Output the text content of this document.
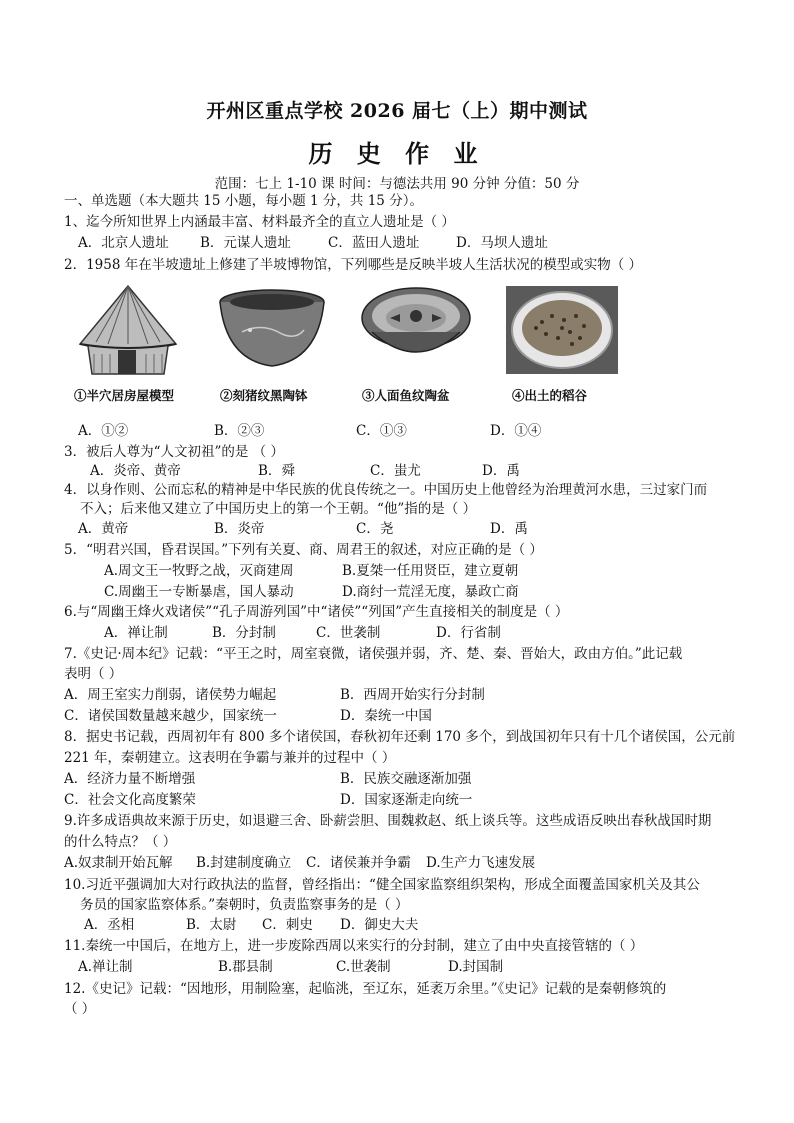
开州区重点学校 2026 届七（上）期中测试
历 史 作 业
范围：七上 1-10 课 时间：与德法共用 90 分钟 分值：50 分
一、单选题（本大题共 15 小题，每小题 1 分，共 15 分）。
1、迄今所知世界上内涵最丰富、材料最齐全的直立人遗址是（ ）
A．北京人遗址 B．元谋人遗址	C．蓝田人遗址	D．马坝人遗址
2．1958 年在半坡遗址上修建了半坡博物馆，下列哪些是反映半坡人生活状况的模型或实物（ ）
①半穴居房屋模型	②刻猪纹黑陶钵	③人面鱼纹陶盆	④出土的稻谷
A．①②	B．②③	C．①③	D．①④
3．被后人尊为“人文初祖”的是 （ ）
A．炎帝、黄帝	B．舜	C．蚩尤	D．禹
4．以身作则、公而忘私的精神是中华民族的优良传统之一。中国历史上他曾经为治理黄河水患，三过家门而
不入；后来他又建立了中国历史上的第一个王朝。“他”指的是（ ）
A．黄帝	B．炎帝	C．尧	D．禹
5．“明君兴国，昏君误国。”下列有关夏、商、周君王的叙述，对应正确的是（ ）
A.周文王一牧野之战，灭商建周	B.夏桀一任用贤臣，建立夏朝
C.周幽王一专断暴虐，国人暴动	D.商纣一荒淫无度，暴政亡商
6.与“周幽王烽火戏诸侯”“孔子周游列国”中“诸侯”“列国”产生直接相关的制度是（ ）
A．禅让制	B．分封制	C．世袭制	D．行省制
7.《史记·周本纪》记载：“平王之时，周室衰微，诸侯强并弱，齐、楚、秦、晋始大，政由方伯。”此记载
表明（ ）
A．周王室实力削弱，诸侯势力崛起	B．西周开始实行分封制
C．诸侯国数量越来越少，国家统一	D．秦统一中国
8．据史书记载，西周初年有 800 多个诸侯国，春秋初年还剩 170 多个，到战国初年只有十几个诸侯国，公元前
221 年，秦朝建立。这表明在争霸与兼并的过程中（ ）
A．经济力量不断增强	B．民族交融逐渐加强
C．社会文化高度繁荣	D．国家逐渐走向统一
9.许多成语典故来源于历史，如退避三舍、卧薪尝胆、围魏救赵、纸上谈兵等。这些成语反映出春秋战国时期
的什么特点？（ ）
A.奴隶制开始瓦解 B.封建制度确立 C．诸侯兼并争霸 D.生产力飞速发展
10.习近平强调加大对行政执法的监督，曾经指出：“健全国家监察组织架构，形成全面覆盖国家机关及其公
务员的国家监察体系。”秦朝时，负责监察事务的是（ ）
A．丞相	B．太尉 C．刺史 D．御史大夫
11.秦统一中国后，在地方上，进一步废除西周以来实行的分封制，建立了由中央直接管辖的（ ）
A.禅让制	B.郡县制	C.世袭制	D.封国制
12.《史记》记载：“因地形，用制险塞，起临洮，至辽东，延袤万余里。”《史记》记载的是秦朝修筑的
（ ）
